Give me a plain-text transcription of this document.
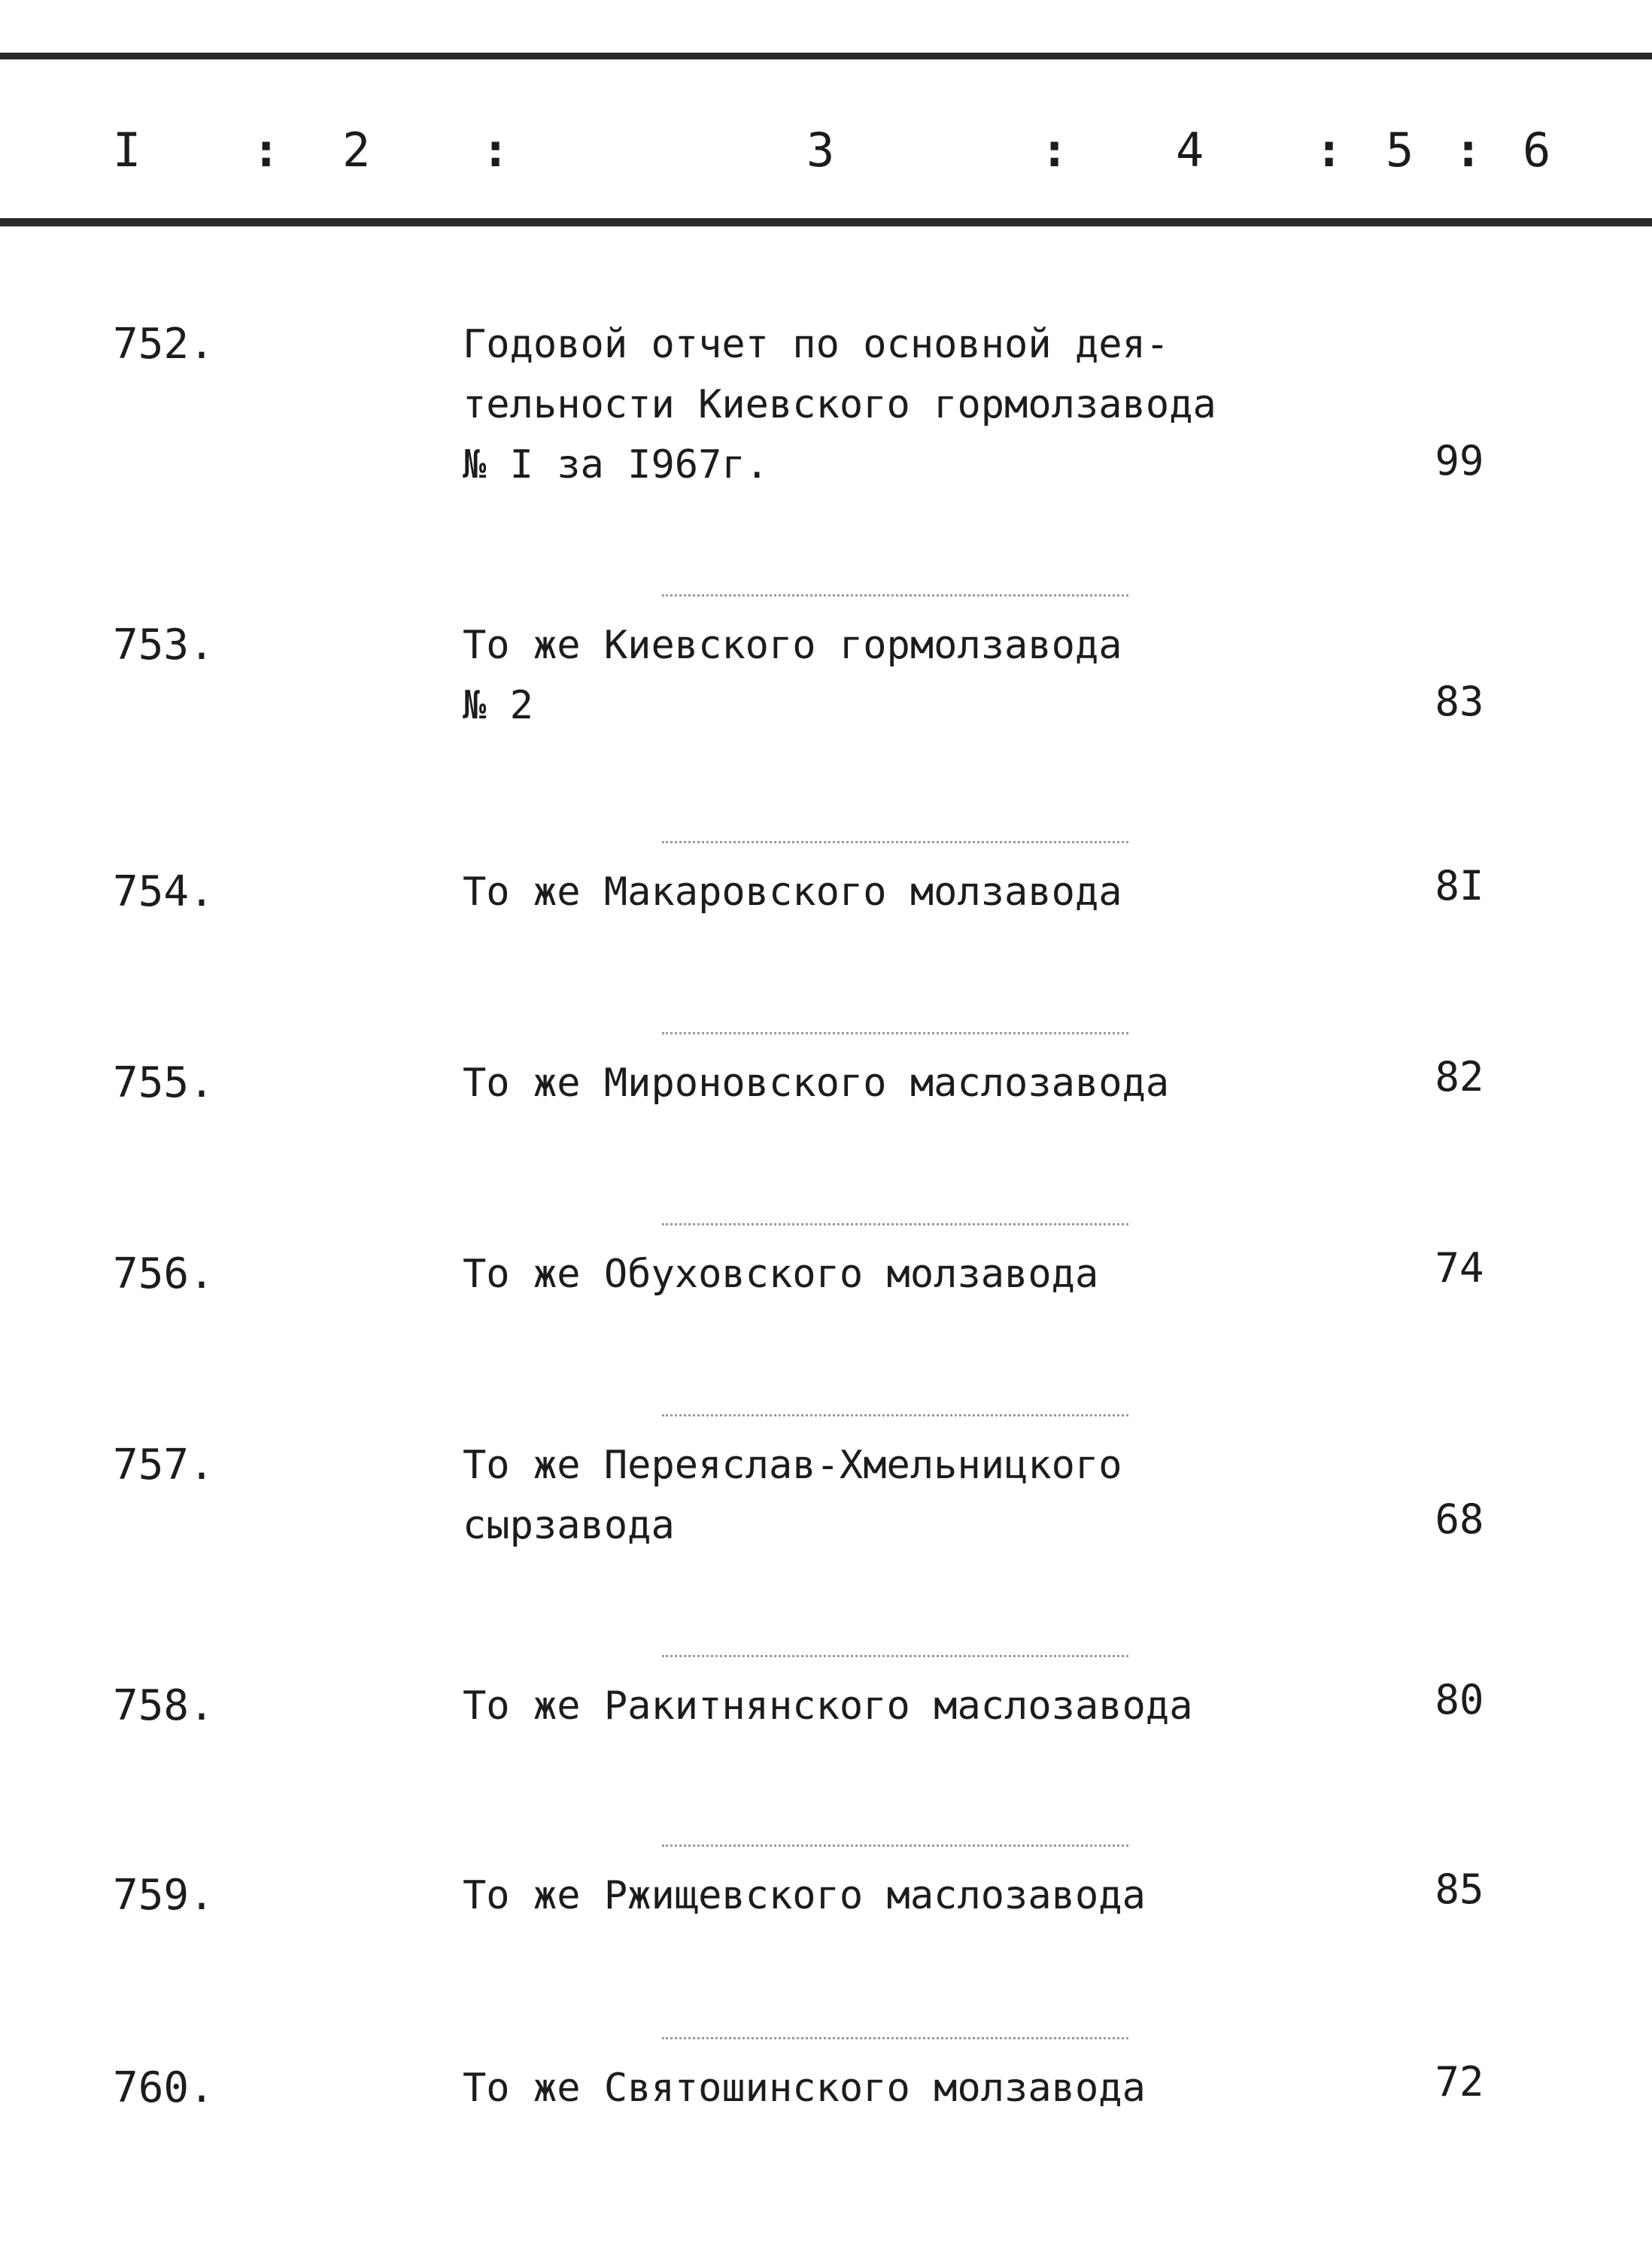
I : 2 :	3	: 4 : 5 : 6
752.	Годовой отчет по основной дея-
тельности Киевского гормолзавода
№ I за I967г.	99
753.	То же Киевского гормолзавода
№ 2	83
754.	То же Макаровского молзавода	8I
755.	То же Мироновского маслозавода	82
756.	То же Обуховского молзавода	74
757.	То же Переяслав-Хмельницкого
сырзавода	68
758.	То же Ракитнянского маслозавода	80
759.	То же Ржищевского маслозавода	85
760.	То же Святошинского молзавода	72
